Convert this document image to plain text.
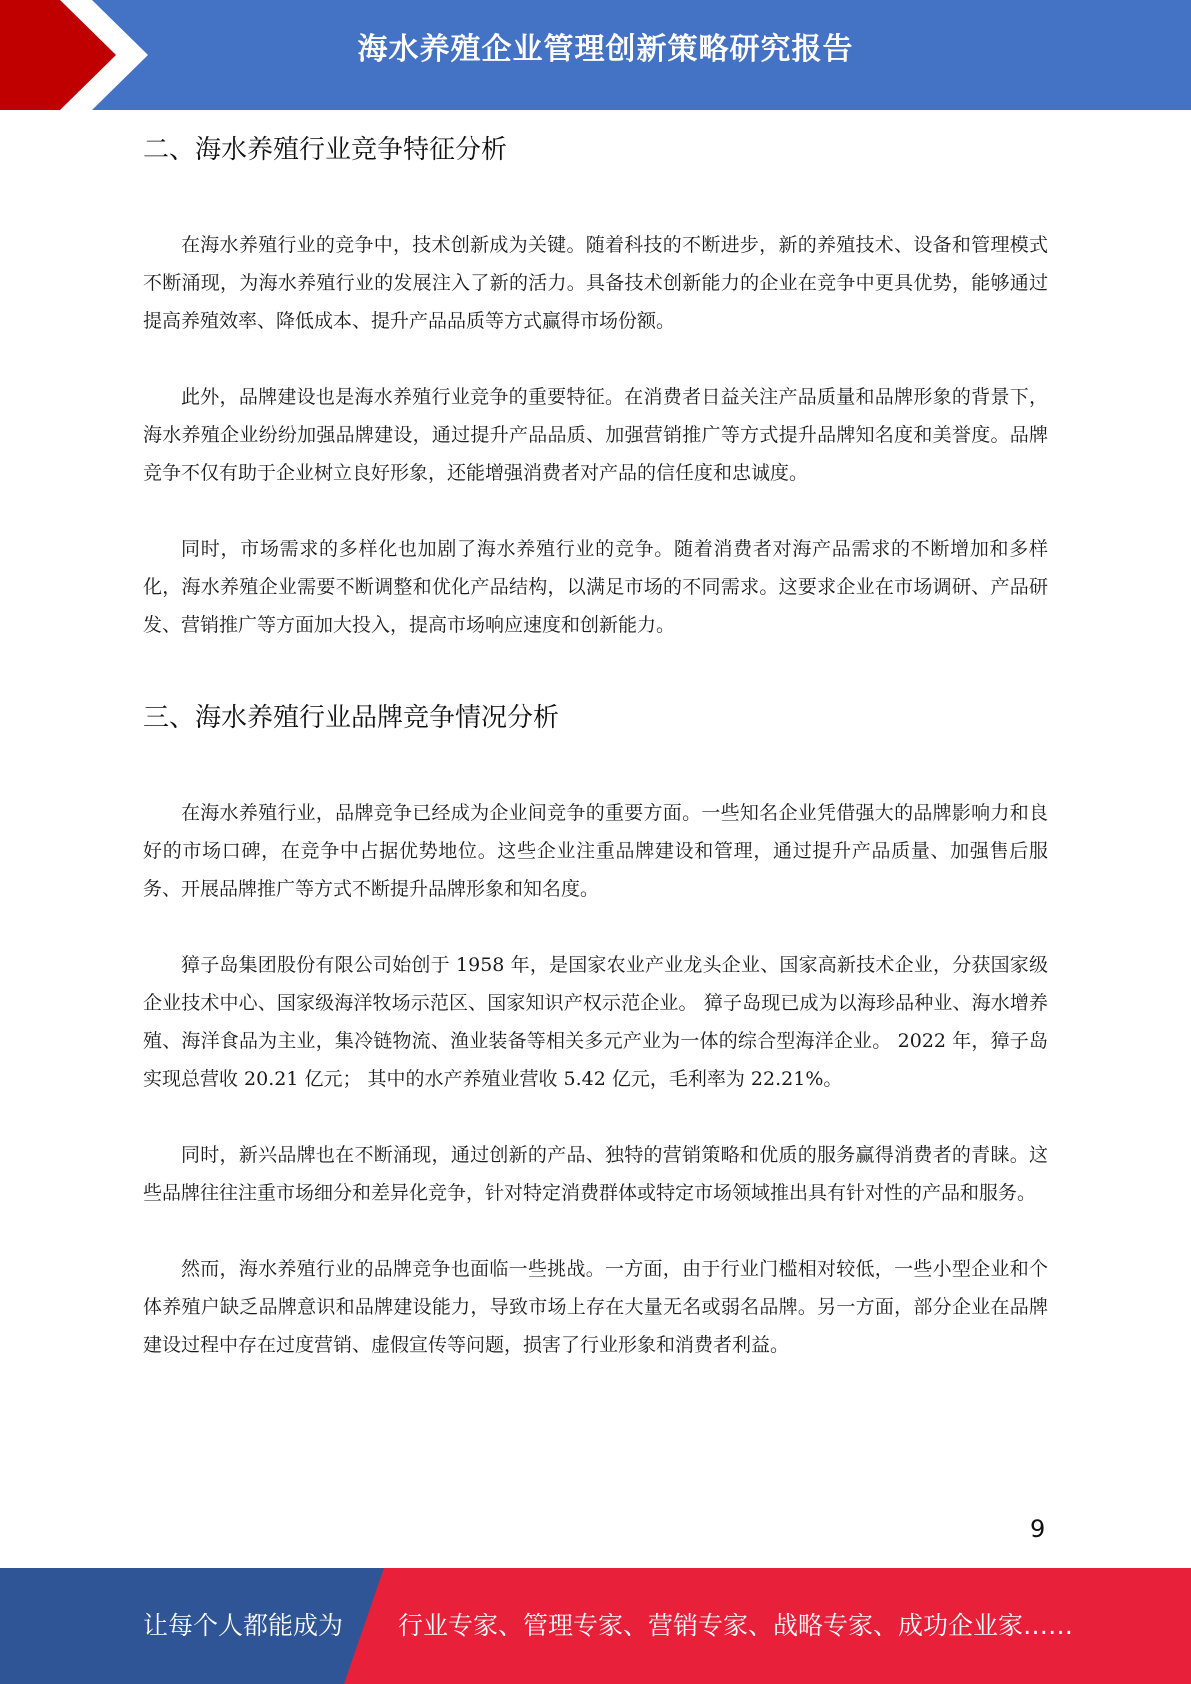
海水养殖企业管理创新策略研究报告
二、海水养殖行业竞争特征分析

在海水养殖行业的竞争中，技术创新成为关键。随着科技的不断进步，新的养殖技术、设备和管理模式不断涌现，为海水养殖行业的发展注入了新的活力。具备技术创新能力的企业在竞争中更具优势，能够通过提高养殖效率、降低成本、提升产品品质等方式赢得市场份额。

此外，品牌建设也是海水养殖行业竞争的重要特征。在消费者日益关注产品质量和品牌形象的背景下，海水养殖企业纷纷加强品牌建设，通过提升产品品质、加强营销推广等方式提升品牌知名度和美誉度。品牌竞争不仅有助于企业树立良好形象，还能增强消费者对产品的信任度和忠诚度。

同时，市场需求的多样化也加剧了海水养殖行业的竞争。随着消费者对海产品需求的不断增加和多样化，海水养殖企业需要不断调整和优化产品结构，以满足市场的不同需求。这要求企业在市场调研、产品研发、营销推广等方面加大投入，提高市场响应速度和创新能力。

三、海水养殖行业品牌竞争情况分析

在海水养殖行业，品牌竞争已经成为企业间竞争的重要方面。一些知名企业凭借强大的品牌影响力和良好的市场口碑，在竞争中占据优势地位。这些企业注重品牌建设和管理，通过提升产品质量、加强售后服务、开展品牌推广等方式不断提升品牌形象和知名度。

獐子岛集团股份有限公司始创于 1958 年，是国家农业产业龙头企业、国家高新技术企业，分获国家级企业技术中心、国家级海洋牧场示范区、国家知识产权示范企业。 獐子岛现已成为以海珍品种业、海水增养殖、海洋食品为主业，集冷链物流、渔业装备等相关多元产业为一体的综合型海洋企业。 2022 年，獐子岛实现总营收 20.21 亿元； 其中的水产养殖业营收 5.42 亿元，毛利率为 22.21%。

同时，新兴品牌也在不断涌现，通过创新的产品、独特的营销策略和优质的服务赢得消费者的青睐。这些品牌往往注重市场细分和差异化竞争，针对特定消费群体或特定市场领域推出具有针对性的产品和服务。

然而，海水养殖行业的品牌竞争也面临一些挑战。一方面，由于行业门槛相对较低，一些小型企业和个体养殖户缺乏品牌意识和品牌建设能力，导致市场上存在大量无名或弱名品牌。另一方面，部分企业在品牌建设过程中存在过度营销、虚假宣传等问题，损害了行业形象和消费者利益。

9
让每个人都能成为 行业专家、管理专家、营销专家、战略专家、成功企业家……
